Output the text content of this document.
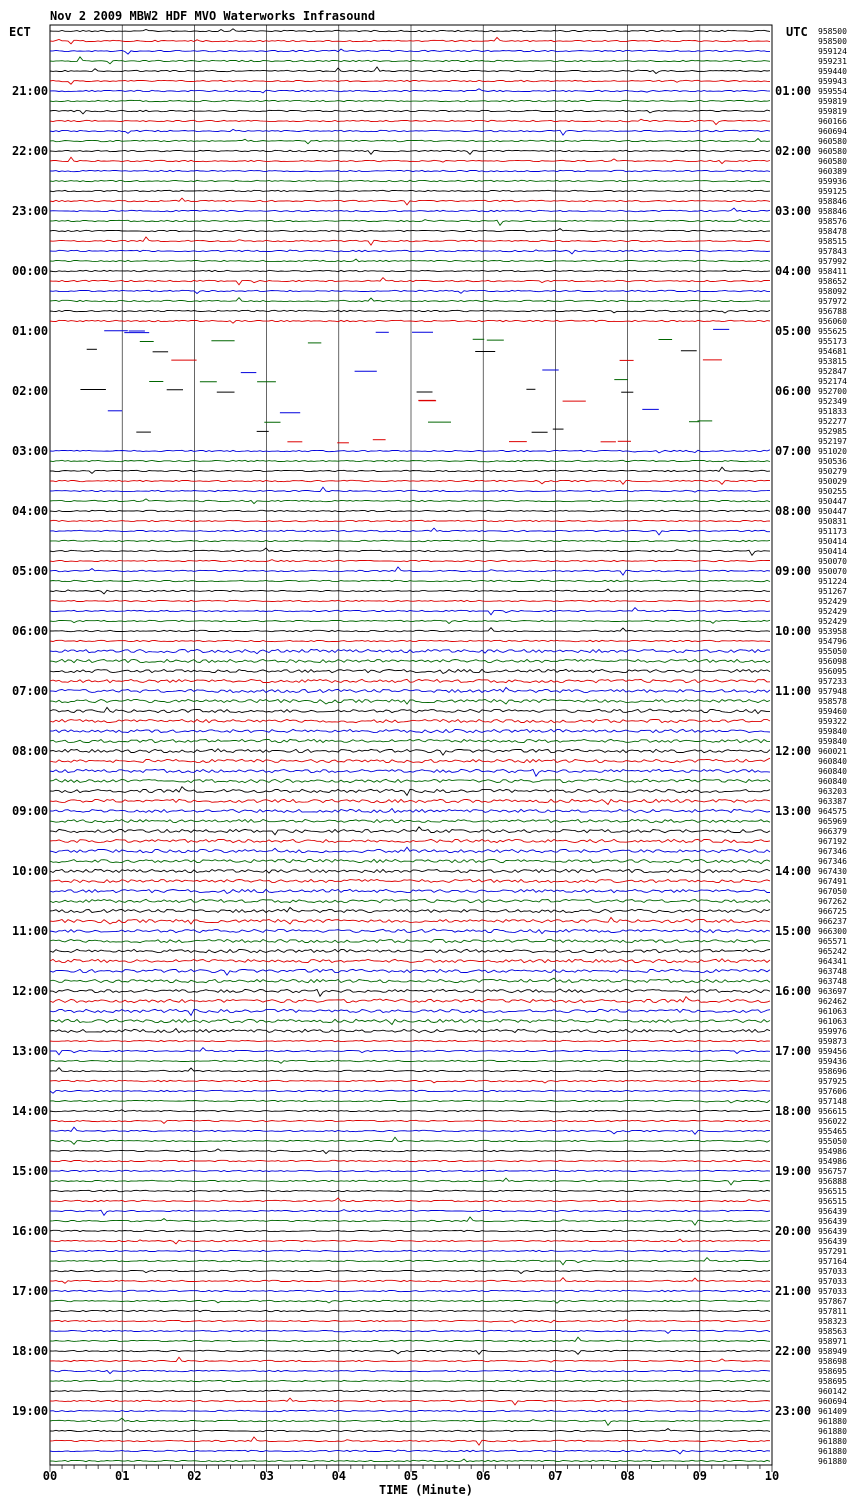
Nov 2 2009 MBW2 HDF MVO Waterworks Infrasound
ECT	UTC
TIME (Minute)
21:00	01:00
22:00	02:00
23:00	03:00
00:00	04:00
01:00	05:00
02:00	06:00
03:00	07:00
04:00	08:00
05:00	09:00
06:00	10:00
07:00	11:00
08:00	12:00
09:00	13:00
10:00	14:00
11:00	15:00
12:00	16:00
13:00	17:00
14:00	18:00
15:00	19:00
16:00	20:00
17:00	21:00
18:00	22:00
19:00	23:00
958500
958500
959124
959231
959440
959943
959554
959819
959819
960166
960694
960580
960580
960580
960389
959936
959125
958846
958846
958576
958478
958515
957843
957992
958411
958652
958092
957972
956788
956060
955625
955173
954681
953815
952847
952174
952700
952349
951833
952277
952985
952197
951020
950536
950279
950029
950255
950447
950447
950831
951173
950414
950414
950070
950070
951224
951267
952429
952429
952429
953958
954796
955050
956098
956095
957233
957948
958578
959460
959322
959840
959840
960021
960840
960840
960840
963203
963387
964575
965969
966379
967192
967346
967346
967430
967491
967050
967262
966725
966237
966300
965571
965242
964341
963748
963748
963697
962462
961063
961063
959976
959873
959456
959436
958696
957925
957606
957148
956615
956022
955465
955050
954986
954986
956757
956888
956515
956515
956439
956439
956439
956439
957291
957164
957033
957033
957033
957867
957811
958323
958563
958971
958949
958698
958695
958695
960142
960694
961409
961880
961880
961880
961880
961880
00	01	02	03	04	05	06	07	08	09	10
